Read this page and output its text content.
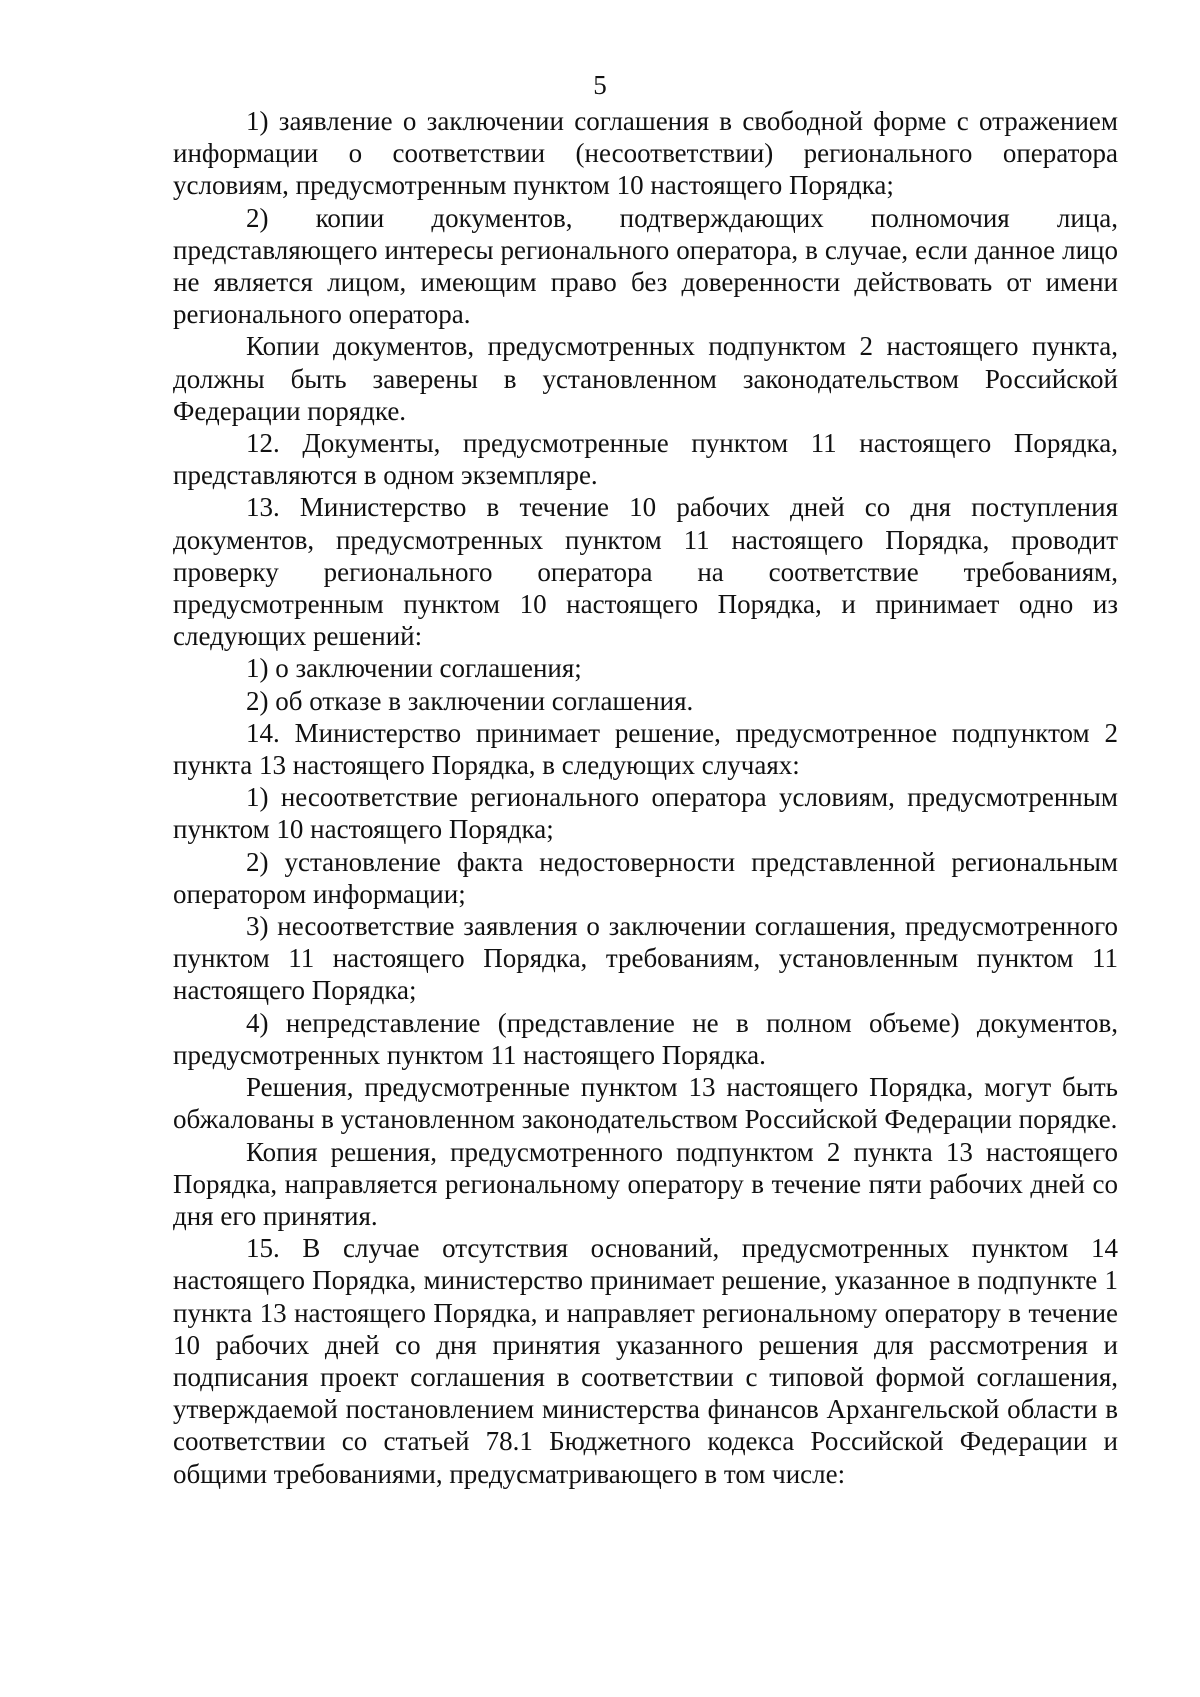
5

1) заявление о заключении соглашения в свободной форме с отражением информации о соответствии (несоответствии) регионального оператора условиям, предусмотренным пунктом 10 настоящего Порядка;

2) копии документов, подтверждающих полномочия лица, представляющего интересы регионального оператора, в случае, если данное лицо не является лицом, имеющим право без доверенности действовать от имени регионального оператора.

Копии документов, предусмотренных подпунктом 2 настоящего пункта, должны быть заверены в установленном законодательством Российской Федерации порядке.

12. Документы, предусмотренные пунктом 11 настоящего Порядка, представляются в одном экземпляре.

13. Министерство в течение 10 рабочих дней со дня поступления документов, предусмотренных пунктом 11 настоящего Порядка, проводит проверку регионального оператора на соответствие требованиям, предусмотренным пунктом 10 настоящего Порядка, и принимает одно из следующих решений:

1) о заключении соглашения;

2) об отказе в заключении соглашения.

14. Министерство принимает решение, предусмотренное подпунктом 2 пункта 13 настоящего Порядка, в следующих случаях:

1) несоответствие регионального оператора условиям, предусмотренным пунктом 10 настоящего Порядка;

2) установление факта недостоверности представленной региональным оператором информации;

3) несоответствие заявления о заключении соглашения, предусмотренного пунктом 11 настоящего Порядка, требованиям, установленным пунктом 11 настоящего Порядка;

4) непредставление (представление не в полном объеме) документов, предусмотренных пунктом 11 настоящего Порядка.

Решения, предусмотренные пунктом 13 настоящего Порядка, могут быть обжалованы в установленном законодательством Российской Федерации порядке.

Копия решения, предусмотренного подпунктом 2 пункта 13 настоящего Порядка, направляется региональному оператору в течение пяти рабочих дней со дня его принятия.

15. В случае отсутствия оснований, предусмотренных пунктом 14 настоящего Порядка, министерство принимает решение, указанное в подпункте 1 пункта 13 настоящего Порядка, и направляет региональному оператору в течение 10 рабочих дней со дня принятия указанного решения для рассмотрения и подписания проект соглашения в соответствии с типовой формой соглашения, утверждаемой постановлением министерства финансов Архангельской области в соответствии со статьей 78.1 Бюджетного кодекса Российской Федерации и общими требованиями, предусматривающего в том числе:
